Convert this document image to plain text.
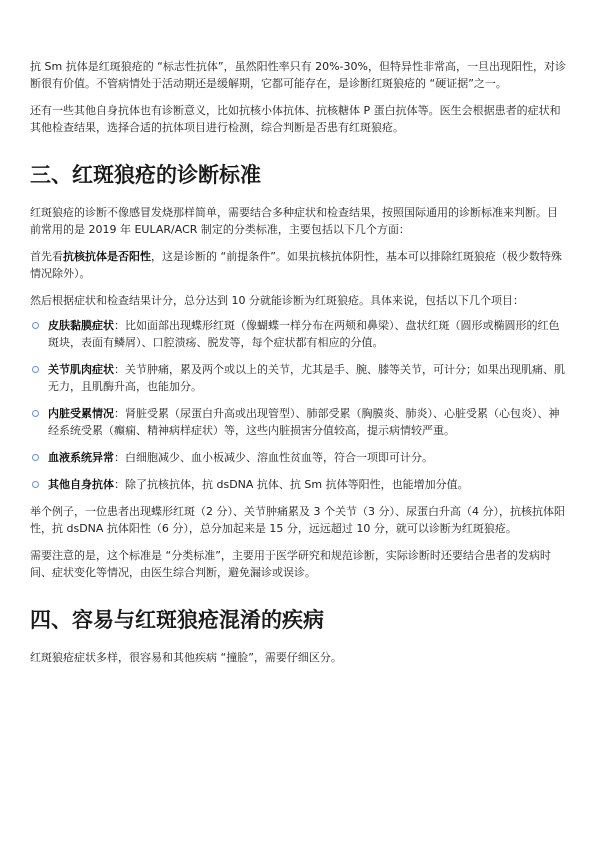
抗 Sm 抗体是红斑狼疮的 “标志性抗体”，虽然阳性率只有 20%-30%，但特异性非常高，一旦出现阳性，对诊断很有价值。不管病情处于活动期还是缓解期，它都可能存在，是诊断红斑狼疮的 “硬证据”之一。

还有一些其他自身抗体也有诊断意义，比如抗核小体抗体、抗核糖体 P 蛋白抗体等。医生会根据患者的症状和其他检查结果，选择合适的抗体项目进行检测，综合判断是否患有红斑狼疮。

三、红斑狼疮的诊断标准

红斑狼疮的诊断不像感冒发烧那样简单，需要结合多种症状和检查结果，按照国际通用的诊断标准来判断。目前常用的是 2019 年 EULAR/ACR 制定的分类标准，主要包括以下几个方面：

首先看抗核抗体是否阳性，这是诊断的 “前提条件”。如果抗核抗体阴性，基本可以排除红斑狼疮（极少数特殊情况除外）。

然后根据症状和检查结果计分，总分达到 10 分就能诊断为红斑狼疮。具体来说，包括以下几个项目：

皮肤黏膜症状：比如面部出现蝶形红斑（像蝴蝶一样分布在两颊和鼻梁）、盘状红斑（圆形或椭圆形的红色斑块，表面有鳞屑）、口腔溃疡、脱发等，每个症状都有相应的分值。
关节肌肉症状：关节肿痛，累及两个或以上的关节，尤其是手、腕、膝等关节，可计分；如果出现肌痛、肌无力，且肌酶升高，也能加分。
内脏受累情况：肾脏受累（尿蛋白升高或出现管型）、肺部受累（胸膜炎、肺炎）、心脏受累（心包炎）、神经系统受累（癫痫、精神病样症状）等，这些内脏损害分值较高，提示病情较严重。
血液系统异常：白细胞减少、血小板减少、溶血性贫血等，符合一项即可计分。
其他自身抗体：除了抗核抗体，抗 dsDNA 抗体、抗 Sm 抗体等阳性，也能增加分值。

举个例子，一位患者出现蝶形红斑（2 分）、关节肿痛累及 3 个关节（3 分）、尿蛋白升高（4 分），抗核抗体阳性，抗 dsDNA 抗体阳性（6 分），总分加起来是 15 分，远远超过 10 分，就可以诊断为红斑狼疮。

需要注意的是，这个标准是 “分类标准”，主要用于医学研究和规范诊断，实际诊断时还要结合患者的发病时间、症状变化等情况，由医生综合判断，避免漏诊或误诊。

四、容易与红斑狼疮混淆的疾病

红斑狼疮症状多样，很容易和其他疾病 “撞脸”，需要仔细区分。
